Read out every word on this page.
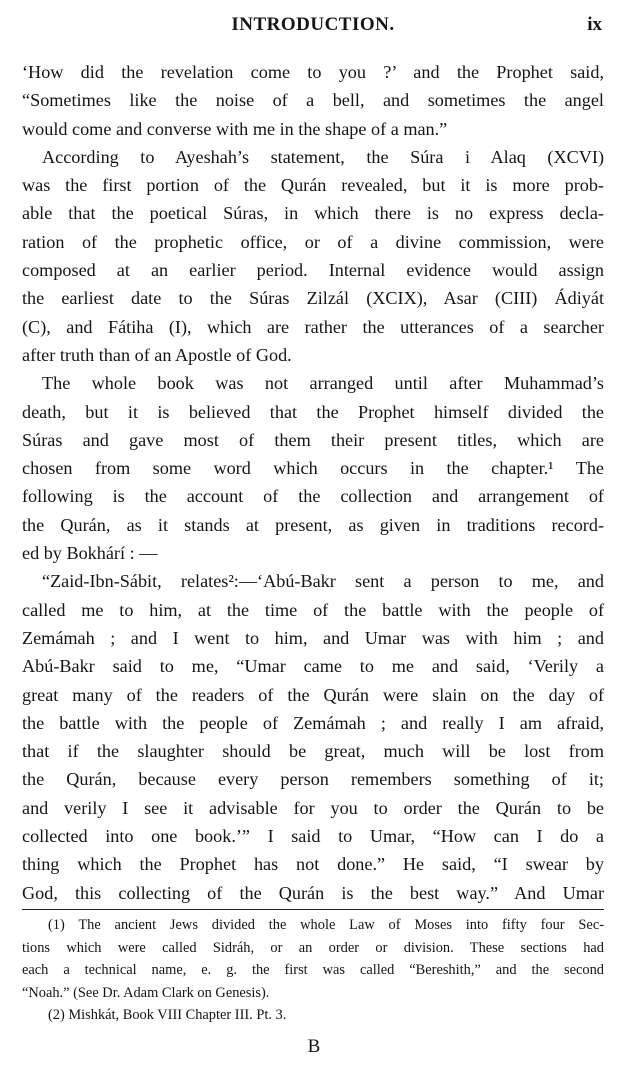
INTRODUCTION.	ix
‘How did the revelation come to you ?’ and the Prophet said,
“Sometimes like the noise of a bell, and sometimes the angel
would come and converse with me in the shape of a man.”
According to Ayeshah’s statement, the Súra i Alaq (XCVI)
was the first portion of the Qurán revealed, but it is more prob-
able that the poetical Súras, in which there is no express decla-
ration of the prophetic office, or of a divine commission, were
composed at an earlier period. Internal evidence would assign
the earliest date to the Súras Zilzál (XCIX), Asar (CIII) Ádiyát
(C), and Fátiha (I), which are rather the utterances of a searcher
after truth than of an Apostle of God.
The whole book was not arranged until after Muhammad’s
death, but it is believed that the Prophet himself divided the
Súras and gave most of them their present titles, which are
chosen from some word which occurs in the chapter.¹ The
following is the account of the collection and arrangement of
the Qurán, as it stands at present, as given in traditions record-
ed by Bokhárí : —
“Zaid-Ibn-Sábit, relates²:—‘Abú-Bakr sent a person to me, and
called me to him, at the time of the battle with the people of
Zemámah ; and I went to him, and Umar was with him ; and
Abú-Bakr said to me, “Umar came to me and said, ‘Verily a
great many of the readers of the Qurán were slain on the day of
the battle with the people of Zemámah ; and really I am afraid,
that if the slaughter should be great, much will be lost from
the Qurán, because every person remembers something of it;
and verily I see it advisable for you to order the Qurán to be
collected into one book.’” I said to Umar, “How can I do a
thing which the Prophet has not done.” He said, “I swear by
God, this collecting of the Qurán is the best way.” And Umar
(1) The ancient Jews divided the whole Law of Moses into fifty four Sec-
tions which were called Sidráh, or an order or division. These sections had
each a technical name, e. g. the first was called “Bereshith,” and the second
“Noah.” (See Dr. Adam Clark on Genesis).
(2) Mishkát, Book VIII Chapter III. Pt. 3.
B
